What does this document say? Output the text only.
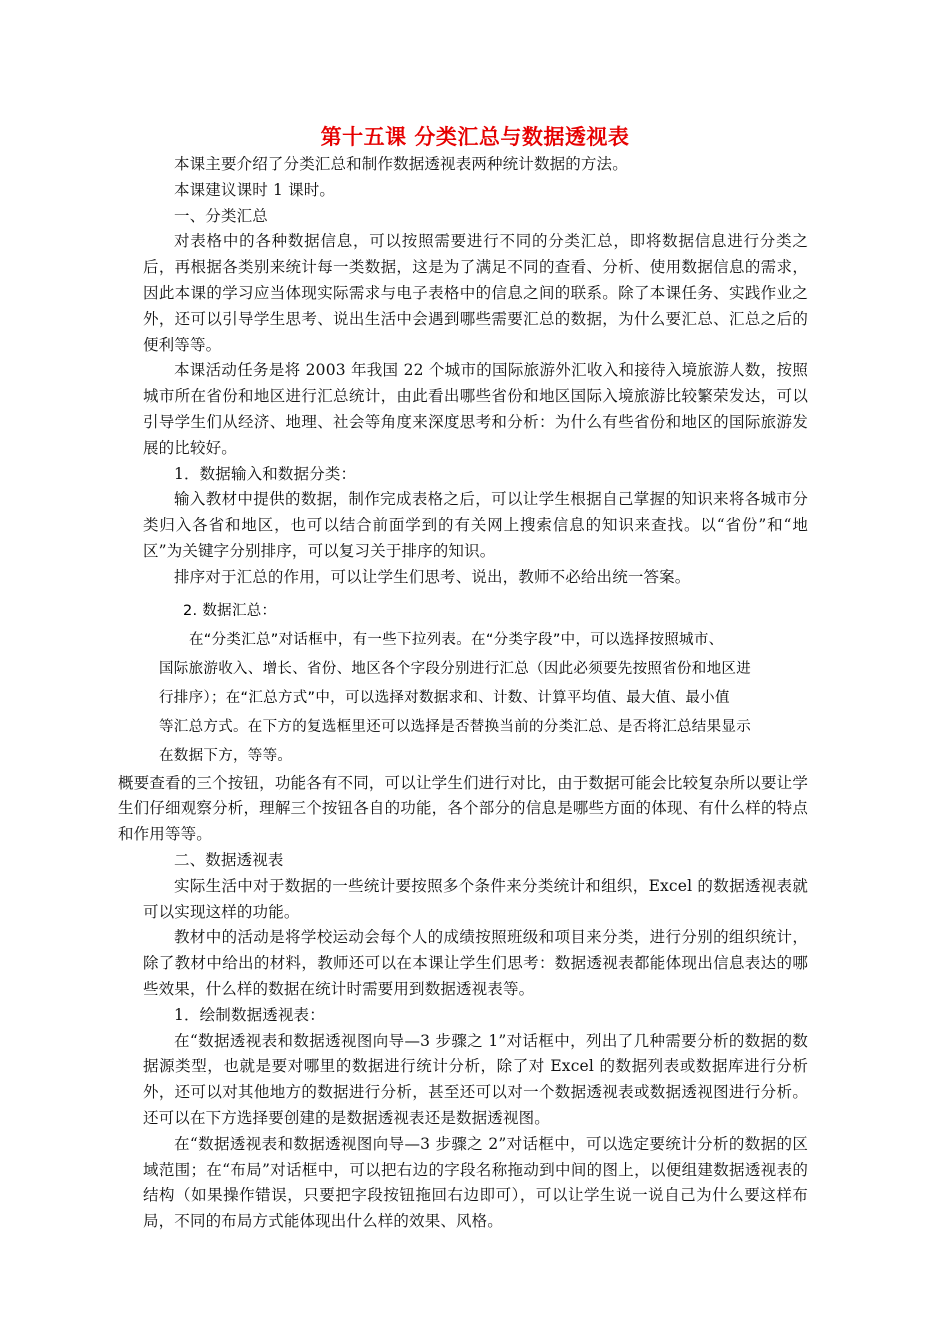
第十五课 分类汇总与数据透视表

本课主要介绍了分类汇总和制作数据透视表两种统计数据的方法。

本课建议课时 1 课时。

一、分类汇总

对表格中的各种数据信息，可以按照需要进行不同的分类汇总，即将数据信息进行分类之后，再根据各类别来统计每一类数据，这是为了满足不同的查看、分析、使用数据信息的需求，因此本课的学习应当体现实际需求与电子表格中的信息之间的联系。除了本课任务、实践作业之外，还可以引导学生思考、说出生活中会遇到哪些需要汇总的数据，为什么要汇总、汇总之后的便利等等。

本课活动任务是将 2003 年我国 22 个城市的国际旅游外汇收入和接待入境旅游人数，按照城市所在省份和地区进行汇总统计，由此看出哪些省份和地区国际入境旅游比较繁荣发达，可以引导学生们从经济、地理、社会等角度来深度思考和分析：为什么有些省份和地区的国际旅游发展的比较好。

1．数据输入和数据分类：

输入教材中提供的数据，制作完成表格之后，可以让学生根据自己掌握的知识来将各城市分类归入各省和地区，也可以结合前面学到的有关网上搜索信息的知识来查找。以“省份”和“地区”为关键字分别排序，可以复习关于排序的知识。

排序对于汇总的作用，可以让学生们思考、说出，教师不必给出统一答案。

2. 数据汇总：
在“分类汇总”对话框中，有一些下拉列表。在“分类字段”中，可以选择按照城市、
国际旅游收入、增长、省份、地区各个字段分别进行汇总（因此必须要先按照省份和地区进
行排序）；在“汇总方式”中，可以选择对数据求和、计数、计算平均值、最大值、最小值
等汇总方式。在下方的复选框里还可以选择是否替换当前的分类汇总、是否将汇总结果显示
在数据下方，等等。

概要查看的三个按钮，功能各有不同，可以让学生们进行对比，由于数据可能会比较复杂所以要让学生们仔细观察分析，理解三个按钮各自的功能，各个部分的信息是哪些方面的体现、有什么样的特点和作用等等。

二、数据透视表

实际生活中对于数据的一些统计要按照多个条件来分类统计和组织，Excel 的数据透视表就可以实现这样的功能。

教材中的活动是将学校运动会每个人的成绩按照班级和项目来分类，进行分别的组织统计，除了教材中给出的材料，教师还可以在本课让学生们思考：数据透视表都能体现出信息表达的哪些效果，什么样的数据在统计时需要用到数据透视表等。

1．绘制数据透视表：

在“数据透视表和数据透视图向导—3 步骤之 1”对话框中，列出了几种需要分析的数据的数据源类型，也就是要对哪里的数据进行统计分析，除了对 Excel 的数据列表或数据库进行分析外，还可以对其他地方的数据进行分析，甚至还可以对一个数据透视表或数据透视图进行分析。还可以在下方选择要创建的是数据透视表还是数据透视图。

在“数据透视表和数据透视图向导—3 步骤之 2”对话框中，可以选定要统计分析的数据的区域范围；在“布局”对话框中，可以把右边的字段名称拖动到中间的图上，以便组建数据透视表的结构（如果操作错误，只要把字段按钮拖回右边即可），可以让学生说一说自己为什么要这样布局，不同的布局方式能体现出什么样的效果、风格。
